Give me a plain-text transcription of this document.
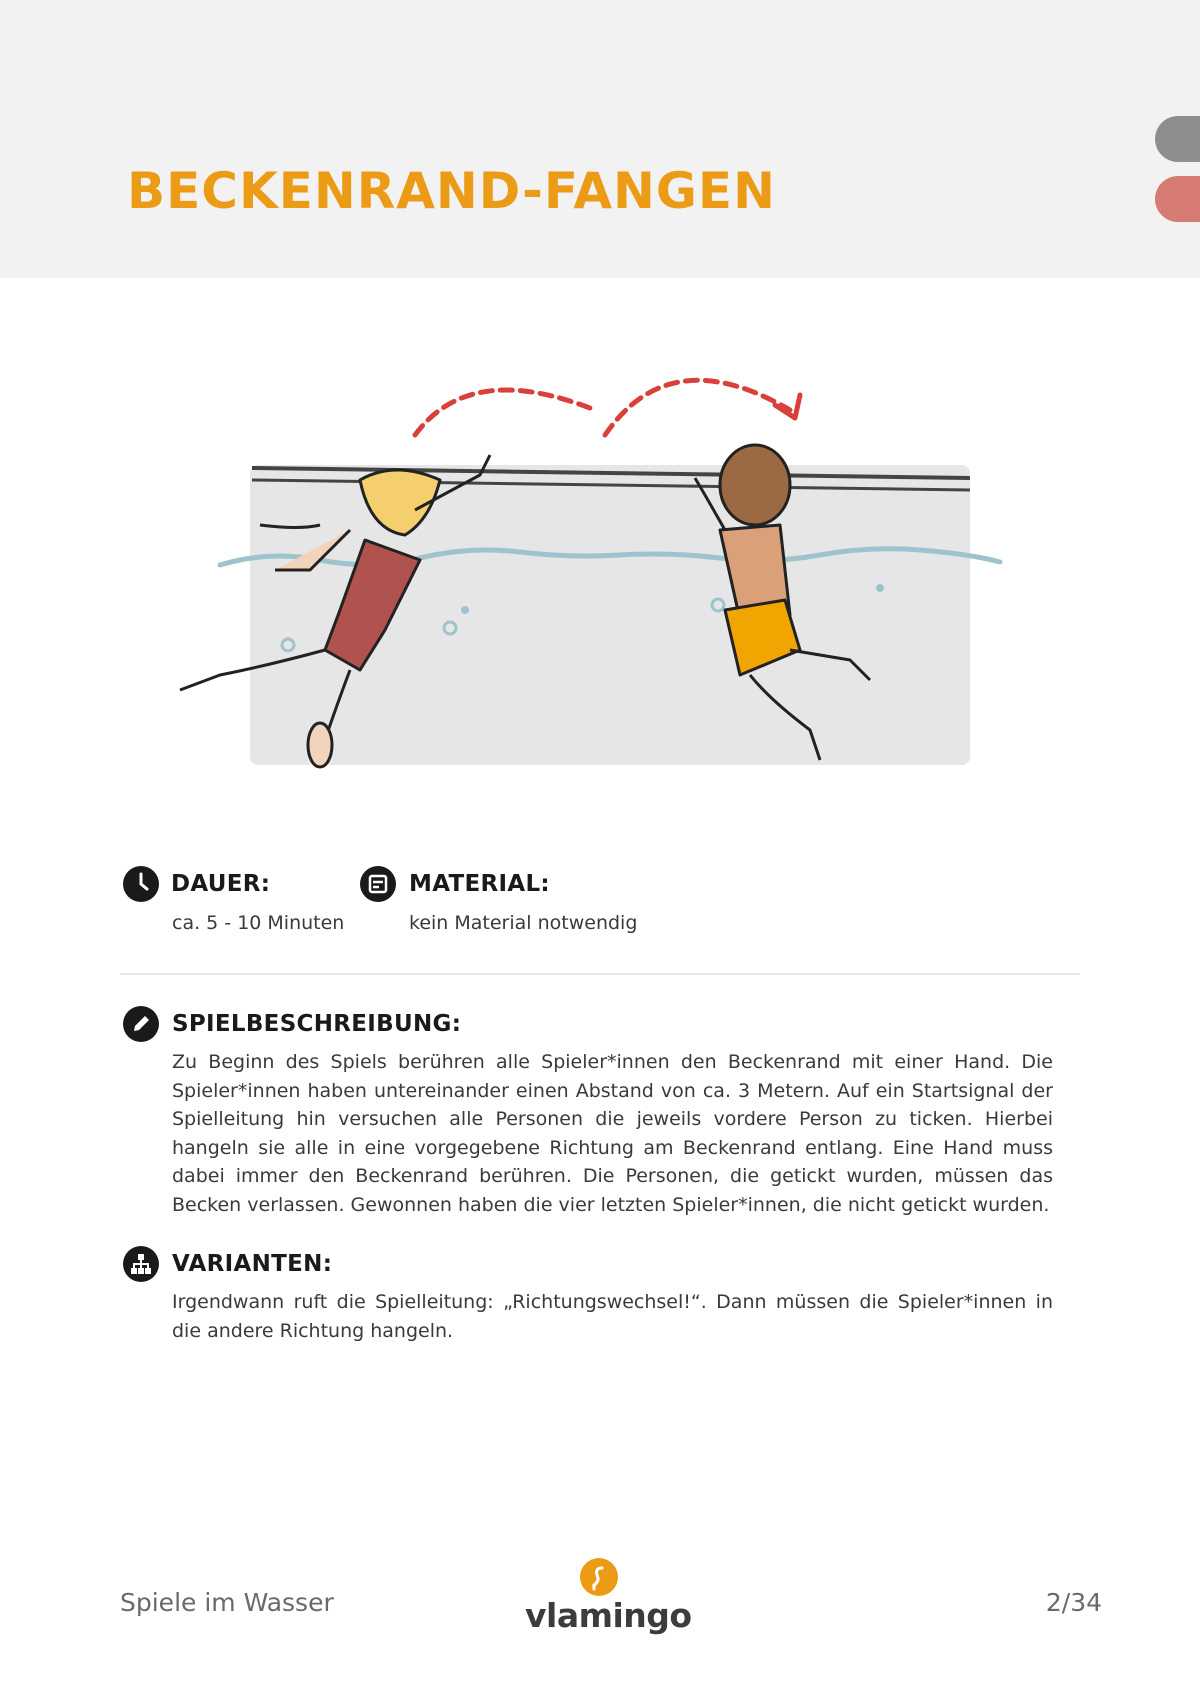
BECKENRAND-FANGEN
DAUER:
ca. 5 - 10 Minuten
MATERIAL:
kein Material notwendig
SPIELBESCHREIBUNG:

Zu Beginn des Spiels berühren alle Spieler*innen den Beckenrand mit einer Hand. Die Spieler*innen haben untereinander einen Abstand von ca. 3 Metern. Auf ein Startsignal der Spielleitung hin versuchen alle Personen die jeweils vordere Person zu ticken. Hierbei hangeln sie alle in eine vorgegebene Richtung am Beckenrand entlang. Eine Hand muss dabei immer den Beckenrand berühren. Die Personen, die getickt wurden, müssen das Becken verlassen. Gewonnen haben die vier letzten Spieler*innen, die nicht getickt wurden.

VARIANTEN:

Irgendwann ruft die Spielleitung: „Richtungswechsel!“. Dann müssen die Spieler*innen in die andere Richtung hangeln.

Spiele im Wasser	vlamingo	2/34
